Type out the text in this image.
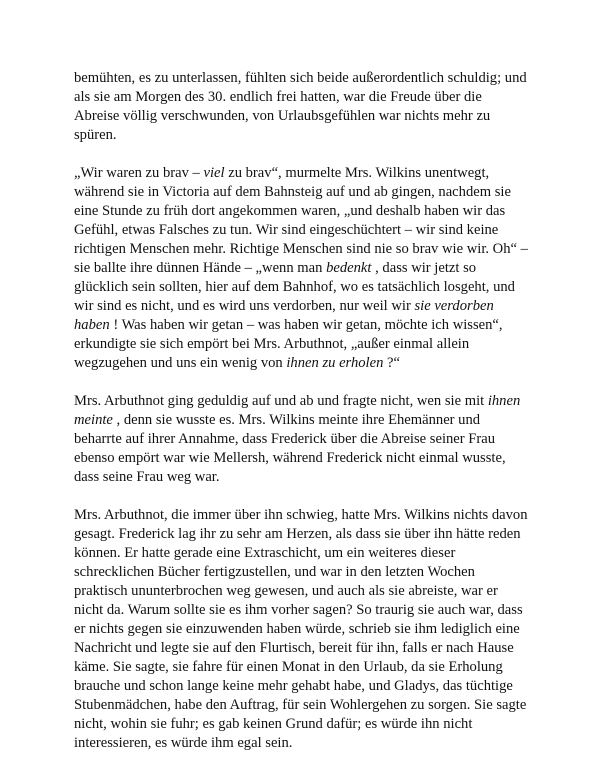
bemühten, es zu unterlassen, fühlten sich beide außerordentlich schuldig; und als sie am Morgen des 30. endlich frei hatten, war die Freude über die Abreise völlig verschwunden, von Urlaubsgefühlen war nichts mehr zu spüren.

„Wir waren zu brav – viel zu brav“, murmelte Mrs. Wilkins unentwegt, während sie in Victoria auf dem Bahnsteig auf und ab gingen, nachdem sie eine Stunde zu früh dort angekommen waren, „und deshalb haben wir das Gefühl, etwas Falsches zu tun. Wir sind eingeschüchtert – wir sind keine richtigen Menschen mehr. Richtige Menschen sind nie so brav wie wir. Oh“ – sie ballte ihre dünnen Hände – „wenn man bedenkt , dass wir jetzt so glücklich sein sollten, hier auf dem Bahnhof, wo es tatsächlich losgeht, und wir sind es nicht, und es wird uns verdorben, nur weil wir sie verdorben haben ! Was haben wir getan – was haben wir getan, möchte ich wissen“, erkundigte sie sich empört bei Mrs. Arbuthnot, „außer einmal allein wegzugehen und uns ein wenig von ihnen zu erholen ?“

Mrs. Arbuthnot ging geduldig auf und ab und fragte nicht, wen sie mit ihnen meinte , denn sie wusste es. Mrs. Wilkins meinte ihre Ehemänner und beharrte auf ihrer Annahme, dass Frederick über die Abreise seiner Frau ebenso empört war wie Mellersh, während Frederick nicht einmal wusste, dass seine Frau weg war.

Mrs. Arbuthnot, die immer über ihn schwieg, hatte Mrs. Wilkins nichts davon gesagt. Frederick lag ihr zu sehr am Herzen, als dass sie über ihn hätte reden können. Er hatte gerade eine Extraschicht, um ein weiteres dieser schrecklichen Bücher fertigzustellen, und war in den letzten Wochen praktisch ununterbrochen weg gewesen, und auch als sie abreiste, war er nicht da. Warum sollte sie es ihm vorher sagen? So traurig sie auch war, dass er nichts gegen sie einzuwenden haben würde, schrieb sie ihm lediglich eine Nachricht und legte sie auf den Flurtisch, bereit für ihn, falls er nach Hause käme. Sie sagte, sie fahre für einen Monat in den Urlaub, da sie Erholung brauche und schon lange keine mehr gehabt habe, und Gladys, das tüchtige Stubenmädchen, habe den Auftrag, für sein Wohlergehen zu sorgen. Sie sagte nicht, wohin sie fuhr; es gab keinen Grund dafür; es würde ihn nicht interessieren, es würde ihm egal sein.
